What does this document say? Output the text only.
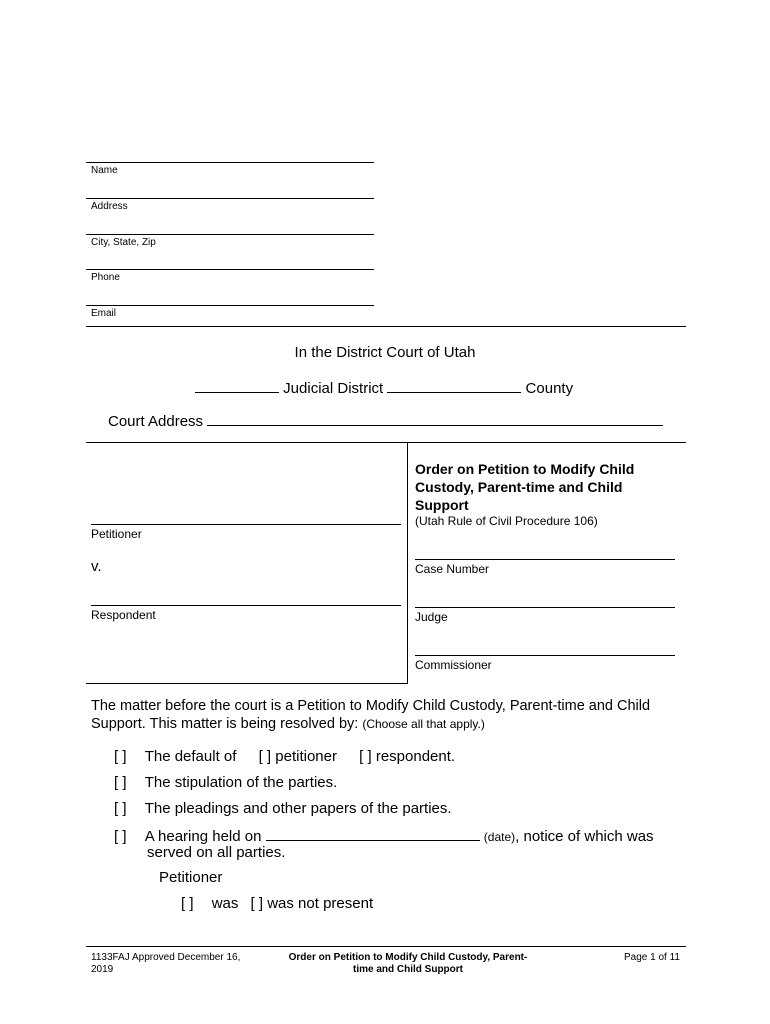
Name
Address
City, State, Zip
Phone
Email
In the District Court of Utah
Judicial District	County
Court Address
Petitioner
v.
Respondent
Order on Petition to Modify Child Custody, Parent-time and Child Support
(Utah Rule of Civil Procedure 106)
Case Number
Judge
Commissioner
The matter before the court is a Petition to Modify Child Custody, Parent-time and Child Support. This matter is being resolved by: (Choose all that apply.)
[ ] The default of [ ] petitioner [ ] respondent.
[ ] The stipulation of the parties.
[ ] The pleadings and other papers of the parties.
[ ] A hearing held on	(date), notice of which was
served on all parties.
Petitioner
[ ] was [ ] was not present
1133FAJ Approved December 16, 2019
Order on Petition to Modify Child Custody, Parent-time and Child Support
Page 1 of 11
